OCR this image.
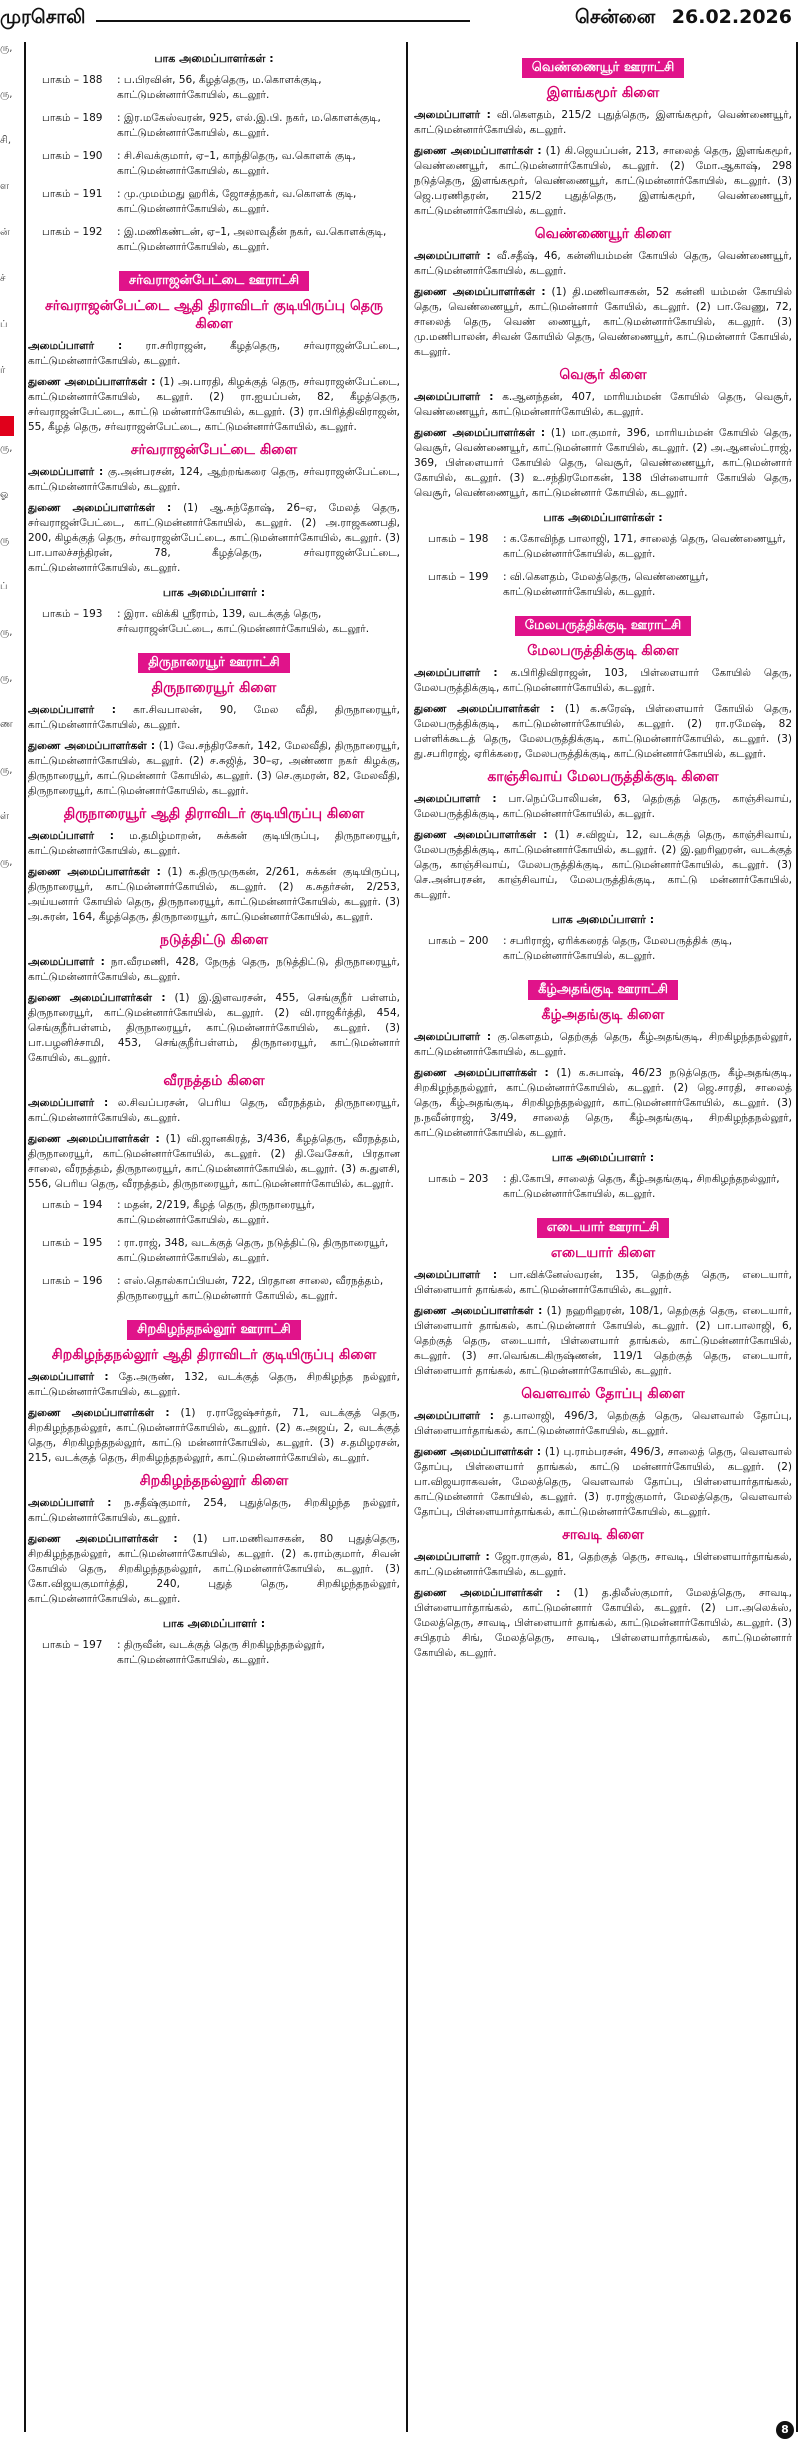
முரசொலி	சென்னை 26.02.2026
ரு,
ரு,
சி,
ள
ன்
ச்
ப்
ர்
ரு,
ஓ
ரு
ப்
ரு,
ரு,
ண
ரு,
ள்
ரு,
பாக அமைப்பாளர்கள் :
பாகம் – 188	: ப.பிரவின், 56, கீழத்தெரு, ம.கொளக்குடி, காட்டுமன்னார்கோயில், கடலூர்.
பாகம் – 189	: இர.மகேஸ்வரன், 925, எல்.இ.பி. நகர், ம.கொளக்குடி, காட்டுமன்னார்கோயில், கடலூர்.
பாகம் – 190	: சி.சிவக்குமார், ஏ–1, காந்திதெரு, வ.கொளக் குடி, காட்டுமன்னார்கோயில், கடலூர்.
பாகம் – 191	: மு.முமம்மது ஹரிக், ஜோசத்நகர், வ.கொளக் குடி, காட்டுமன்னார்கோயில், கடலூர்.
பாகம் – 192	: இ.மணிகண்டன், ஏ–1, அலாவுதீன் நகர், வ.கொளக்குடி, காட்டுமன்னார்கோயில், கடலூர்.
சர்வராஜன்பேட்டை ஊராட்சி
சர்வராஜன்பேட்டை ஆதி திராவிடர் குடியிருப்பு தெரு கிளை
அமைப்பாளர் : ரா.சரிராஜன், கீழத்தெரு, சர்வராஜன்பேட்டை, காட்டுமன்னார்கோயில், கடலூர்.
துணை அமைப்பாளர்கள் : (1) அ.பாரதி, கிழக்குத் தெரு, சர்வராஜன்பேட்டை, காட்டுமன்னார்கோயில், கடலூர். (2) ரா.ஐயப்பன், 82, கீழத்தெரு, சர்வராஜன்பேட்டை, காட்டு மன்னார்கோயில், கடலூர். (3) ரா.பிரித்திவிராஜன், 55, கீழத் தெரு, சர்வராஜன்பேட்டை, காட்டுமன்னார்கோயில், கடலூர்.
சர்வராஜன்பேட்டை கிளை
அமைப்பாளர் : கு.அன்பரசன், 124, ஆற்றங்கரை தெரு, சர்வராஜன்பேட்டை, காட்டுமன்னார்கோயில், கடலூர்.
துணை அமைப்பாளர்கள் : (1) ஆ.சுந்தோஷ், 26–ஏ, மேலத் தெரு, சர்வராஜன்பேட்டை, காட்டுமன்னார்கோயில், கடலூர். (2) அ.ராஜகணபதி, 200, கிழக்குத் தெரு, சர்வராஜன்பேட்டை, காட்டுமன்னார்கோயில், கடலூர். (3) பா.பாலச்சந்திரன், 78, கீழத்தெரு, சர்வராஜன்பேட்டை, காட்டுமன்னார்கோயில், கடலூர்.
பாக அமைப்பாளர் :
பாகம் – 193	: இரா. விக்கி ஸ்ரீராம், 139, வடக்குத் தெரு, சர்வராஜன்பேட்டை, காட்டுமன்னார்கோயில், கடலூர்.
திருநாரையூர் ஊராட்சி
திருநாரையூர் கிளை
அமைப்பாளர் : கா.சிவபாலன், 90, மேல வீதி, திருநாரையூர், காட்டுமன்னார்கோயில், கடலூர்.
துணை அமைப்பாளர்கள் : (1) வே.சந்திரசேகர், 142, மேலவீதி, திருநாரையூர், காட்டுமன்னார்கோயில், கடலூர். (2) ச.சுஜித், 30–ஏ, அண்ணா நகர் கிழக்கு, திருநாரையூர், காட்டுமன்னார் கோயில், கடலூர். (3) செ.குமரன், 82, மேலவீதி, திருநாரையூர், காட்டுமன்னார்கோயில், கடலூர்.
திருநாரையூர் ஆதி திராவிடர் குடியிருப்பு கிளை
அமைப்பாளர் : ம.தமிழ்மாறன், சுக்கன் குடியிருப்பு, திருநாரையூர், காட்டுமன்னார்கோயில், கடலூர்.
துணை அமைப்பாளர்கள் : (1) க.திருமுருகன், 2/261, சுக்கன் குடியிருப்பு, திருநாரையூர், காட்டுமன்னார்கோயில், கடலூர். (2) க.சுதர்சன், 2/253, அய்யனார் கோயில் தெரு, திருநாரையூர், காட்டுமன்னார்கோயில், கடலூர். (3) அ.சுரன், 164, கீழத்தெரு, திருநாரையூர், காட்டுமன்னார்கோயில், கடலூர்.
நடுத்திட்டு கிளை
அமைப்பாளர் : நா.வீரமணி, 428, நேருத் தெரு, நடுத்திட்டு, திருநாரையூர், காட்டுமன்னார்கோயில், கடலூர்.
துணை அமைப்பாளர்கள் : (1) இ.இளவரசன், 455, செங்குநீர் பள்ளம், திருநாரையூர், காட்டுமன்னார்கோயில், கடலூர். (2) வி.ராஜகீர்த்தி, 454, செங்குநீர்பள்ளம், திருநாரையூர், காட்டுமன்னார்கோயில், கடலூர். (3) பா.பழனிச்சாமி, 453, செங்குநீர்பள்ளம், திருநாரையூர், காட்டுமன்னார் கோயில், கடலூர்.
வீரநத்தம் கிளை
அமைப்பாளர் : ல.சிவப்பரசன், பெரிய தெரு, வீரநத்தம், திருநாரையூர், காட்டுமன்னார்கோயில், கடலூர்.
துணை அமைப்பாளர்கள் : (1) வி.ஜானகிரத், 3/436, கீழத்தெரு, வீரநத்தம், திருநாரையூர், காட்டுமன்னார்கோயில், கடலூர். (2) தி.வேசேகர், பிரதான சாலை, வீரநத்தம், திருநாரையூர், காட்டுமன்னார்கோயில், கடலூர். (3) சு.துளசி, 556, பெரிய தெரு, வீரநத்தம், திருநாரையூர், காட்டுமன்னார்கோயில், கடலூர்.
பாகம் – 194	: மதன், 2/219, கீழத் தெரு, திருநாரையூர், காட்டுமன்னார்கோயில், கடலூர்.
பாகம் – 195	: ரா.ராஜ், 348, வடக்குத் தெரு, நடுத்திட்டு, திருநாரையூர், காட்டுமன்னார்கோயில், கடலூர்.
பாகம் – 196	: எஸ்.தொல்காப்பியன், 722, பிரதான சாலை, வீரநத்தம், திருநாரையூர் காட்டுமன்னார் கோயில், கடலூர்.
சிறகிழந்தநல்லூர் ஊராட்சி
சிறகிழந்தநல்லூர் ஆதி திராவிடர் குடியிருப்பு கிளை
அமைப்பாளர் : தே.அருண், 132, வடக்குத் தெரு, சிறகிழந்த நல்லூர், காட்டுமன்னார்கோயில், கடலூர்.
துணை அமைப்பாளர்கள் : (1) ர.ராஜேஷ்சர்தர், 71, வடக்குத் தெரு, சிறகிழந்தநல்லூர், காட்டுமன்னார்கோயில், கடலூர். (2) க.அஜய், 2, வடக்குத் தெரு, சிறகிழந்தநல்லூர், காட்டு மன்னார்கோயில், கடலூர். (3) ச.தமிழரசன், 215, வடக்குத் தெரு, சிறகிழந்தநல்லூர், காட்டுமன்னார்கோயில், கடலூர்.
சிறகிழந்தநல்லூர் கிளை
அமைப்பாளர் : ந.சதீஷ்குமார், 254, புதுத்தெரு, சிறகிழந்த நல்லூர், காட்டுமன்னார்கோயில், கடலூர்.
துணை அமைப்பாளர்கள் : (1) பா.மணிவாசகன், 80 புதுத்தெரு, சிறகிழந்தநல்லூர், காட்டுமன்னார்கோயில், கடலூர். (2) க.ராம்குமார், சிவன் கோயில் தெரு, சிறகிழந்தநல்லூர், காட்டுமன்னார்கோயில், கடலூர். (3) கோ.விஜயகுமார்த்தி, 240, புதுத் தெரு, சிறகிழந்தநல்லூர், காட்டுமன்னார்கோயில், கடலூர்.
பாக அமைப்பாளர் :
பாகம் – 197	: திருவீன், வடக்குத் தெரு சிறகிழந்தநல்லூர், காட்டுமன்னார்கோயில், கடலூர்.
வெண்ணையூர் ஊராட்சி
இளங்கமூர் கிளை
அமைப்பாளர் : வி.கௌதம், 215/2 புதுத்தெரு, இளங்கமூர், வெண்ணையூர், காட்டுமன்னார்கோயில், கடலூர்.
துணை அமைப்பாளர்கள் : (1) கி.ஜெயப்பன், 213, சாலைத் தெரு, இளங்கமூர், வெண்ணையூர், காட்டுமன்னார்கோயில், கடலூர். (2) மோ.ஆகாஷ், 298 நடுத்தெரு, இளங்கமூர், வெண்ணையூர், காட்டுமன்னார்கோயில், கடலூர். (3) ஜெ.பரணிதரன், 215/2 புதுத்தெரு, இளங்கமூர், வெண்ணையூர், காட்டுமன்னார்கோயில், கடலூர்.
வெண்ணையூர் கிளை
அமைப்பாளர் : வீ.சதீஷ், 46, கன்னியம்மன் கோயில் தெரு, வெண்ணையூர், காட்டுமன்னார்கோயில், கடலூர்.
துணை அமைப்பாளர்கள் : (1) தி.மணிவாசகன், 52 கன்னி யம்மன் கோயில் தெரு, வெண்ணையூர், காட்டுமன்னார் கோயில், கடலூர். (2) பா.வேணு, 72, சாலைத் தெரு, வெண் ணையூர், காட்டுமன்னார்கோயில், கடலூர். (3) மு.மணிபாலன், சிவன் கோயில் தெரு, வெண்ணையூர், காட்டுமன்னார் கோயில், கடலூர்.
வெசூர் கிளை
அமைப்பாளர் : க.ஆனந்தன், 407, மாரியம்மன் கோயில் தெரு, வெசூர், வெண்ணையூர், காட்டுமன்னார்கோயில், கடலூர்.
துணை அமைப்பாளர்கள் : (1) மா.குமார், 396, மாரியம்மன் கோயில் தெரு, வெசூர், வெண்ணையூர், காட்டுமன்னார் கோயில், கடலூர். (2) அ.ஆனஸ்ட்ராஜ், 369, பிள்ளையார் கோயில் தெரு, வெசூர், வெண்ணையூர், காட்டுமன்னார் கோயில், கடலூர். (3) உ.சந்திரமோகன், 138 பிள்ளையார் கோயில் தெரு, வெசூர், வெண்ணையூர், காட்டுமன்னார் கோயில், கடலூர்.
பாக அமைப்பாளர்கள் :
பாகம் – 198	: க.கோவிந்த பாலாஜி, 171, சாலைத் தெரு, வெண்ணையூர், காட்டுமன்னார்கோயில், கடலூர்.
பாகம் – 199	: வி.கௌதம், மேலத்தெரு, வெண்ணையூர், காட்டுமன்னார்கோயில், கடலூர்.
மேலபருத்திக்குடி ஊராட்சி
மேலபருத்திக்குடி கிளை
அமைப்பாளர் : க.பிரிதிவிராஜன், 103, பிள்ளையார் கோயில் தெரு, மேலபருத்திக்குடி, காட்டுமன்னார்கோயில், கடலூர்.
துணை அமைப்பாளர்கள் : (1) க.சுரேஷ், பிள்ளையார் கோயில் தெரு, மேலபருத்திக்குடி, காட்டுமன்னார்கோயில், கடலூர். (2) ரா.ரமேஷ், 82 பள்ளிக்கூடத் தெரு, மேலபருத்திக்குடி, காட்டுமன்னார்கோயில், கடலூர். (3) து.சபரிராஜ், ஏரிக்கரை, மேலபருத்திக்குடி, காட்டுமன்னார்கோயில், கடலூர்.
காஞ்சிவாய் மேலபருத்திக்குடி கிளை
அமைப்பாளர் : பா.நெப்போலியன், 63, தெற்குத் தெரு, காஞ்சிவாய், மேலபருத்திக்குடி, காட்டுமன்னார்கோயில், கடலூர்.
துணை அமைப்பாளர்கள் : (1) ச.விஜய், 12, வடக்குத் தெரு, காஞ்சிவாய், மேலபருத்திக்குடி, காட்டுமன்னார்கோயில், கடலூர். (2) இ.ஹரிஹரன், வடக்குத் தெரு, காஞ்சிவாய், மேலபருத்திக்குடி, காட்டுமன்னார்கோயில், கடலூர். (3) செ.அன்பரசன், காஞ்சிவாய், மேலபருத்திக்குடி, காட்டு மன்னார்கோயில், கடலூர்.
பாக அமைப்பாளர் :
பாகம் – 200	: சபரிராஜ், ஏரிக்கரைத் தெரு, மேலபருத்திக் குடி, காட்டுமன்னார்கோயில், கடலூர்.
கீழ்அதங்குடி ஊராட்சி
கீழ்அதங்குடி கிளை
அமைப்பாளர் : கு.கௌதம், தெற்குத் தெரு, கீழ்அதங்குடி, சிறகிழந்தநல்லூர், காட்டுமன்னார்கோயில், கடலூர்.
துணை அமைப்பாளர்கள் : (1) க.சுபாஷ், 46/23 நடுத்தெரு, கீழ்அதங்குடி, சிறகிழந்தநல்லூர், காட்டுமன்னார்கோயில், கடலூர். (2) ஜெ.சாரதி, சாலைத் தெரு, கீழ்அதங்குடி, சிறகிழந்தநல்லூர், காட்டுமன்னார்கோயில், கடலூர். (3) ந.நவீன்ராஜ், 3/49, சாலைத் தெரு, கீழ்அதங்குடி, சிறகிழந்தநல்லூர், காட்டுமன்னார்கோயில், கடலூர்.
பாக அமைப்பாளர் :
பாகம் – 203	: தி.கோபி, சாலைத் தெரு, கீழ்அதங்குடி, சிறகிழந்தநல்லூர், காட்டுமன்னார்கோயில், கடலூர்.
எடையார் ஊராட்சி
எடையார் கிளை
அமைப்பாளர் : பா.விக்னேஸ்வரன், 135, தெற்குத் தெரு, எடையார், பிள்ளையார் தாங்கல், காட்டுமன்னார்கோயில், கடலூர்.
துணை அமைப்பாளர்கள் : (1) நஹரிஹரன், 108/1, தெற்குத் தெரு, எடையார், பிள்ளையார் தாங்கல், காட்டுமன்னார் கோயில், கடலூர். (2) பா.பாலாஜி, 6, தெற்குத் தெரு, எடையார், பிள்ளையார் தாங்கல், காட்டுமன்னார்கோயில், கடலூர். (3) சா.வெங்கடகிருஷ்ணன், 119/1 தெற்குத் தெரு, எடையார், பிள்ளையார் தாங்கல், காட்டுமன்னார்கோயில், கடலூர்.
வெளவால் தோப்பு கிளை
அமைப்பாளர் : த.பாலாஜி, 496/3, தெற்குத் தெரு, வெளவால் தோப்பு, பிள்ளையார்தாங்கல், காட்டுமன்னார்கோயில், கடலூர்.
துணை அமைப்பாளர்கள் : (1) பு.ராம்பரசன், 496/3, சாலைத் தெரு, வெளவால் தோப்பு, பிள்ளையார் தாங்கல், காட்டு மன்னார்கோயில், கடலூர். (2) பா.விஜயராகவன், மேலத்தெரு, வெளவால் தோப்பு, பிள்ளையார்தாங்கல், காட்டுமன்னார் கோயில், கடலூர். (3) ர.ராஜ்குமார், மேலத்தெரு, வெளவால் தோப்பு, பிள்ளையார்தாங்கல், காட்டுமன்னார்கோயில், கடலூர்.
சாவடி கிளை
அமைப்பாளர் : ஜோ.ராகுல், 81, தெற்குத் தெரு, சாவடி, பிள்ளையார்தாங்கல், காட்டுமன்னார்கோயில், கடலூர்.
துணை அமைப்பாளர்கள் : (1) த.திலீஸ்குமார், மேலத்தெரு, சாவடி, பிள்ளையார்தாங்கல், காட்டுமன்னார் கோயில், கடலூர். (2) பா.அலெக்ஸ், மேலத்தெரு, சாவடி, பிள்ளையார் தாங்கல், காட்டுமன்னார்கோயில், கடலூர். (3) சபிதரம் சிங், மேலத்தெரு, சாவடி, பிள்ளையார்தாங்கல், காட்டுமன்னார் கோயில், கடலூர்.
8
